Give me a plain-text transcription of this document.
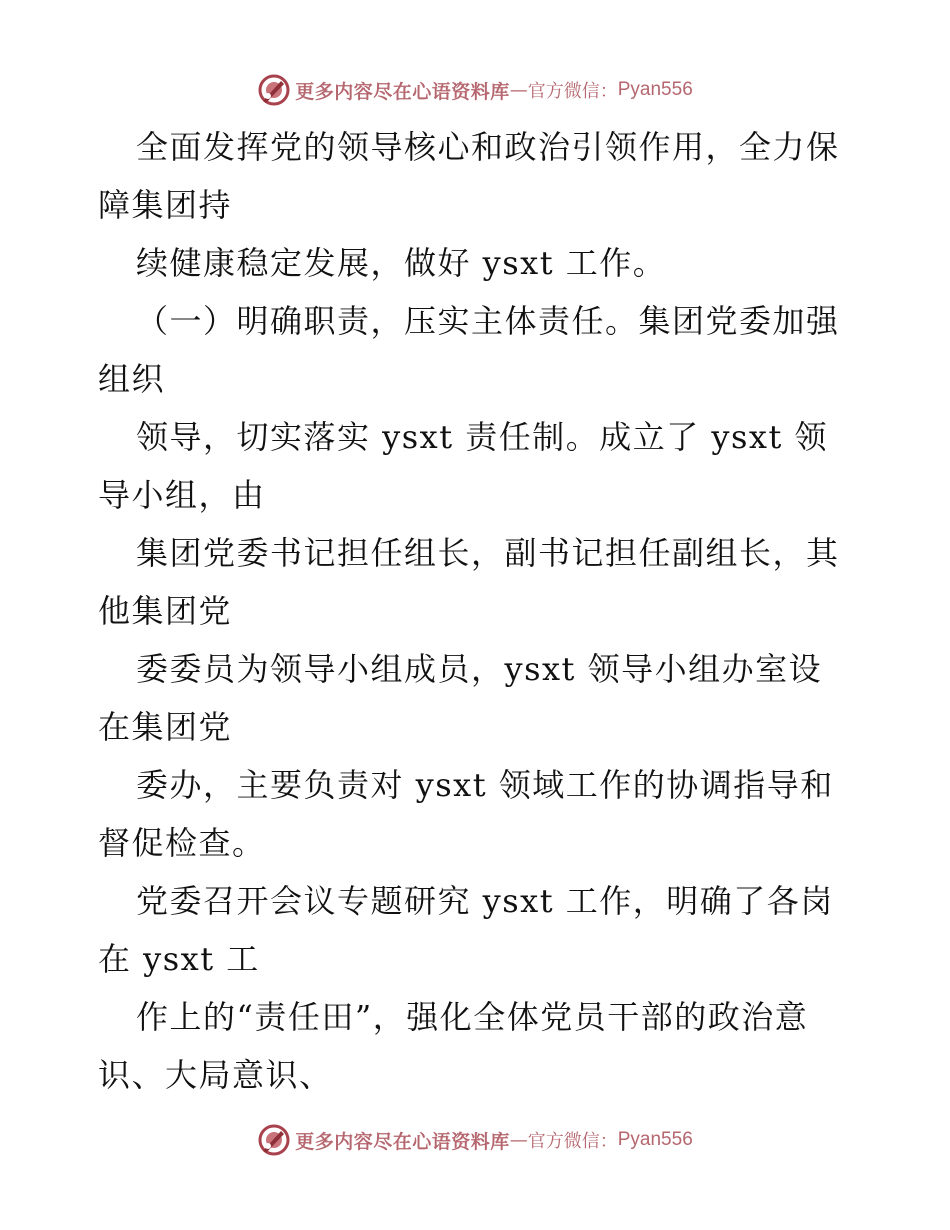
更多内容尽在心语资料库 — 官方微信： Pyan556
全面发挥党的领导核心和政治引领作用，全力保
障集团持
续健康稳定发展，做好 ysxt 工作。
（一）明确职责，压实主体责任。集团党委加强
组织
领导，切实落实 ysxt 责任制。成立了 ysxt 领
导小组，由
集团党委书记担任组长，副书记担任副组长，其
他集团党
委委员为领导小组成员，ysxt 领导小组办室设
在集团党
委办，主要负责对 ysxt 领域工作的协调指导和
督促检查。
党委召开会议专题研究 ysxt 工作，明确了各岗
在 ysxt 工
作上的“责任田”，强化全体党员干部的政治意
识、大局意识、
更多内容尽在心语资料库 — 官方微信： Pyan556
